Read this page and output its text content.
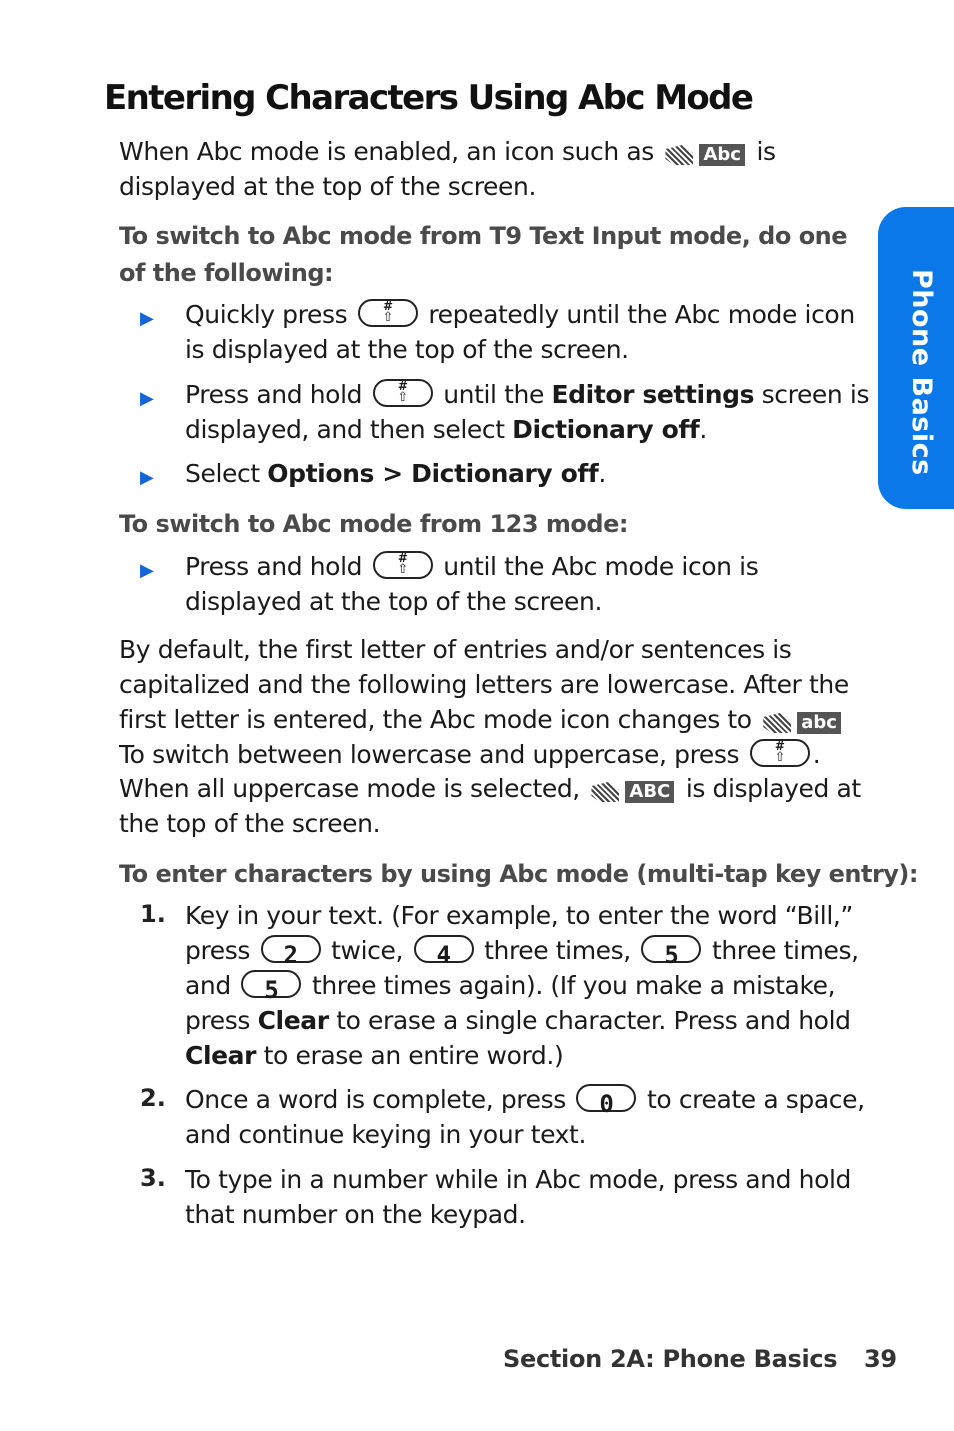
Entering Characters Using Abc Mode
Phone Basics
When Abc mode is enabled, an icon such as	Abc is
displayed at the top of the screen.
To switch to Abc mode from T9 Text Input mode, do one
of the following:
▶ Quickly press	#
⇧	repeatedly until the Abc mode icon
is displayed at the top of the screen.
▶ Press and hold	#
⇧	until the Editor settings screen is
displayed, and then select Dictionary off.
▶ Select Options > Dictionary off.
To switch to Abc mode from 123 mode:
▶ Press and hold	#
⇧	until the Abc mode icon is
displayed at the top of the screen.
By default, the first letter of entries and/or sentences is
capitalized and the following letters are lowercase. After the
first letter is entered, the Abc mode icon changes to	abc
To switch between lowercase and uppercase, press	#
⇧	.
When all uppercase mode is selected,	ABC is displayed at
the top of the screen.
To enter characters by using Abc mode (multi-tap key entry):
1. Key in your text. (For example, to enter the word “Bill,”
press 2 twice, 4 three times, 5 three times,
and 5 three times again). (If you make a mistake,
press Clear to erase a single character. Press and hold
Clear to erase an entire word.)
2. Once a word is complete, press 0 to create a space,
and continue keying in your text.
3. To type in a number while in Abc mode, press and hold
that number on the keypad.
Section 2A: Phone Basics 39
